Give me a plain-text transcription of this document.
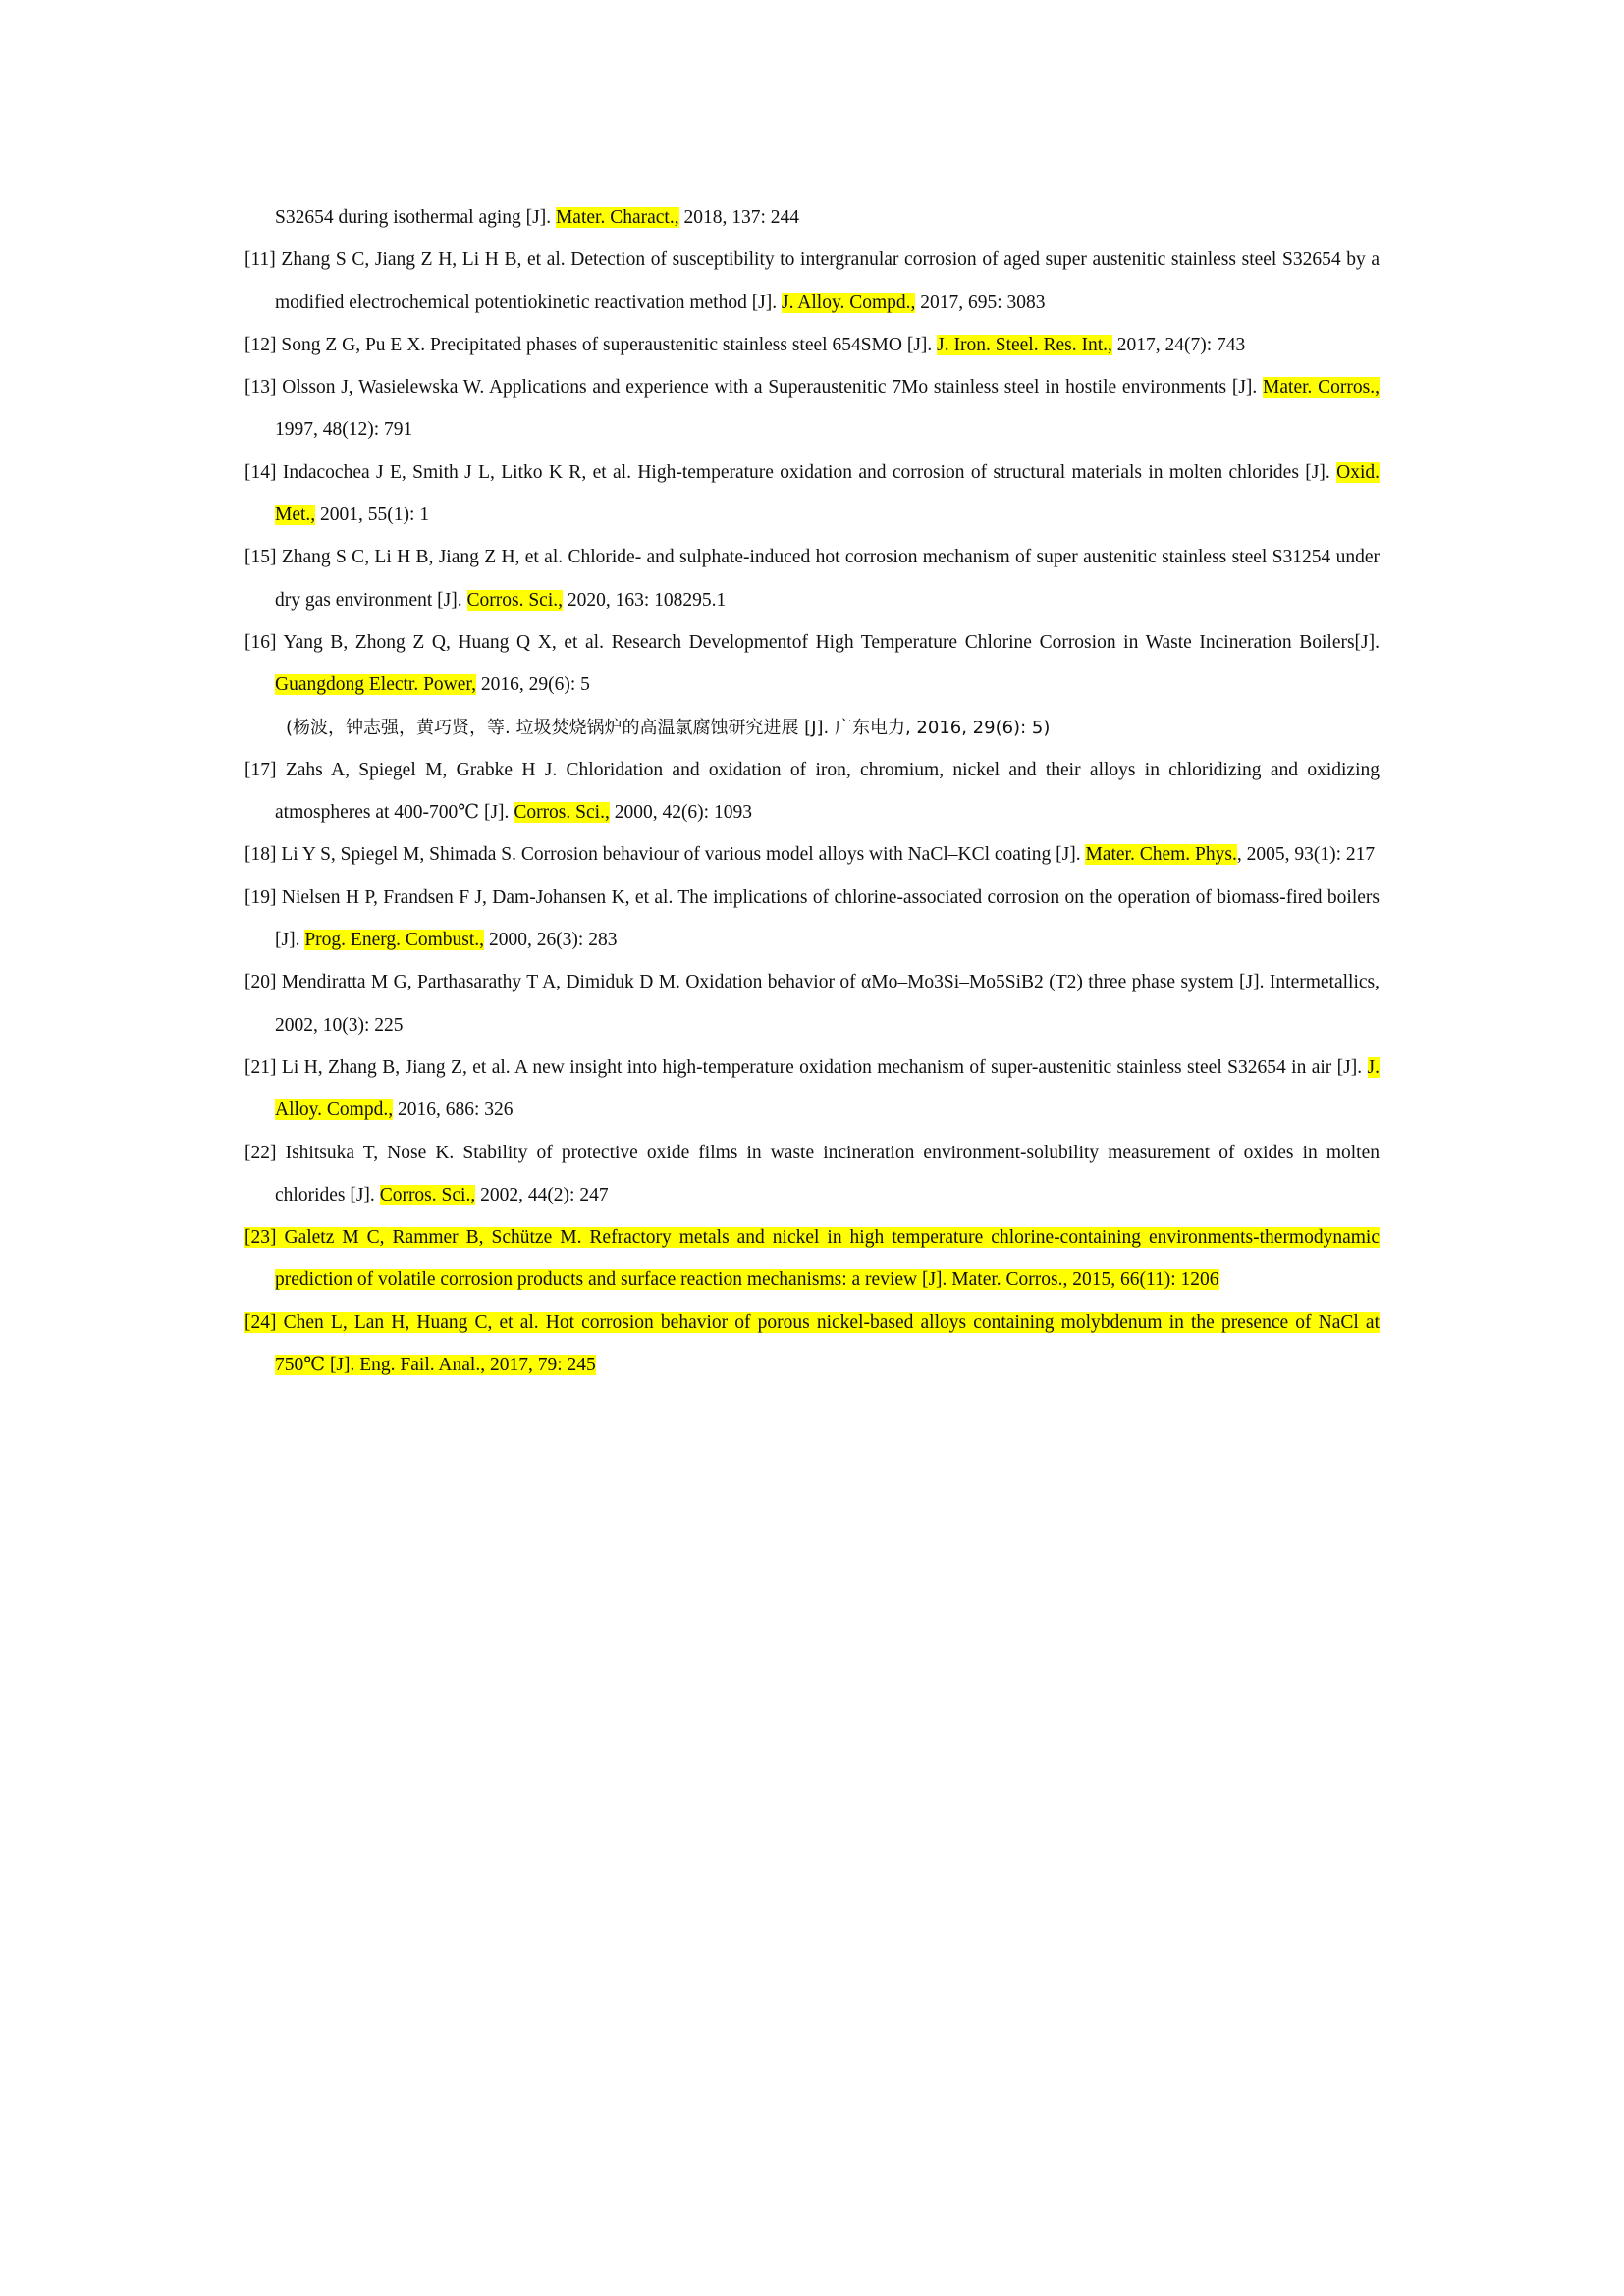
S32654 during isothermal aging [J]. Mater. Charact., 2018, 137: 244

[11] Zhang S C, Jiang Z H, Li H B, et al. Detection of susceptibility to intergranular corrosion of aged super austenitic stainless steel S32654 by a modified electrochemical potentiokinetic reactivation method [J]. J. Alloy. Compd., 2017, 695: 3083

[12] Song Z G, Pu E X. Precipitated phases of superaustenitic stainless steel 654SMO [J]. J. Iron. Steel. Res. Int., 2017, 24(7): 743

[13] Olsson J, Wasielewska W. Applications and experience with a Superaustenitic 7Mo stainless steel in hostile environments [J]. Mater. Corros., 1997, 48(12): 791

[14] Indacochea J E, Smith J L, Litko K R, et al. High-temperature oxidation and corrosion of structural materials in molten chlorides [J]. Oxid. Met., 2001, 55(1): 1

[15] Zhang S C, Li H B, Jiang Z H, et al. Chloride- and sulphate-induced hot corrosion mechanism of super austenitic stainless steel S31254 under dry gas environment [J]. Corros. Sci., 2020, 163: 108295.1

[16] Yang B, Zhong Z Q, Huang Q X, et al. Research Developmentof High Temperature Chlorine Corrosion in Waste Incineration Boilers[J]. Guangdong Electr. Power, 2016, 29(6): 5

(杨波，钟志强，黄巧贤，等. 垃圾焚烧锅炉的高温氯腐蚀研究进展 [J]. 广东电力, 2016, 29(6): 5)

[17] Zahs A, Spiegel M, Grabke H J. Chloridation and oxidation of iron, chromium, nickel and their alloys in chloridizing and oxidizing atmospheres at 400-700℃ [J]. Corros. Sci., 2000, 42(6): 1093

[18] Li Y S, Spiegel M, Shimada S. Corrosion behaviour of various model alloys with NaCl–KCl coating [J]. Mater. Chem. Phys., 2005, 93(1): 217

[19] Nielsen H P, Frandsen F J, Dam-Johansen K, et al. The implications of chlorine-associated corrosion on the operation of biomass-fired boilers [J]. Prog. Energ. Combust., 2000, 26(3): 283

[20] Mendiratta M G, Parthasarathy T A, Dimiduk D M. Oxidation behavior of αMo–Mo3Si–Mo5SiB2 (T2) three phase system [J]. Intermetallics, 2002, 10(3): 225

[21] Li H, Zhang B, Jiang Z, et al. A new insight into high-temperature oxidation mechanism of super-austenitic stainless steel S32654 in air [J]. J. Alloy. Compd., 2016, 686: 326

[22] Ishitsuka T, Nose K. Stability of protective oxide films in waste incineration environment-solubility measurement of oxides in molten chlorides [J]. Corros. Sci., 2002, 44(2): 247

[23] Galetz M C, Rammer B, Schütze M. Refractory metals and nickel in high temperature chlorine‐containing environments‐thermodynamic prediction of volatile corrosion products and surface reaction mechanisms: a review [J]. Mater. Corros., 2015, 66(11): 1206

[24] Chen L, Lan H, Huang C, et al. Hot corrosion behavior of porous nickel-based alloys containing molybdenum in the presence of NaCl at 750℃ [J]. Eng. Fail. Anal., 2017, 79: 245
